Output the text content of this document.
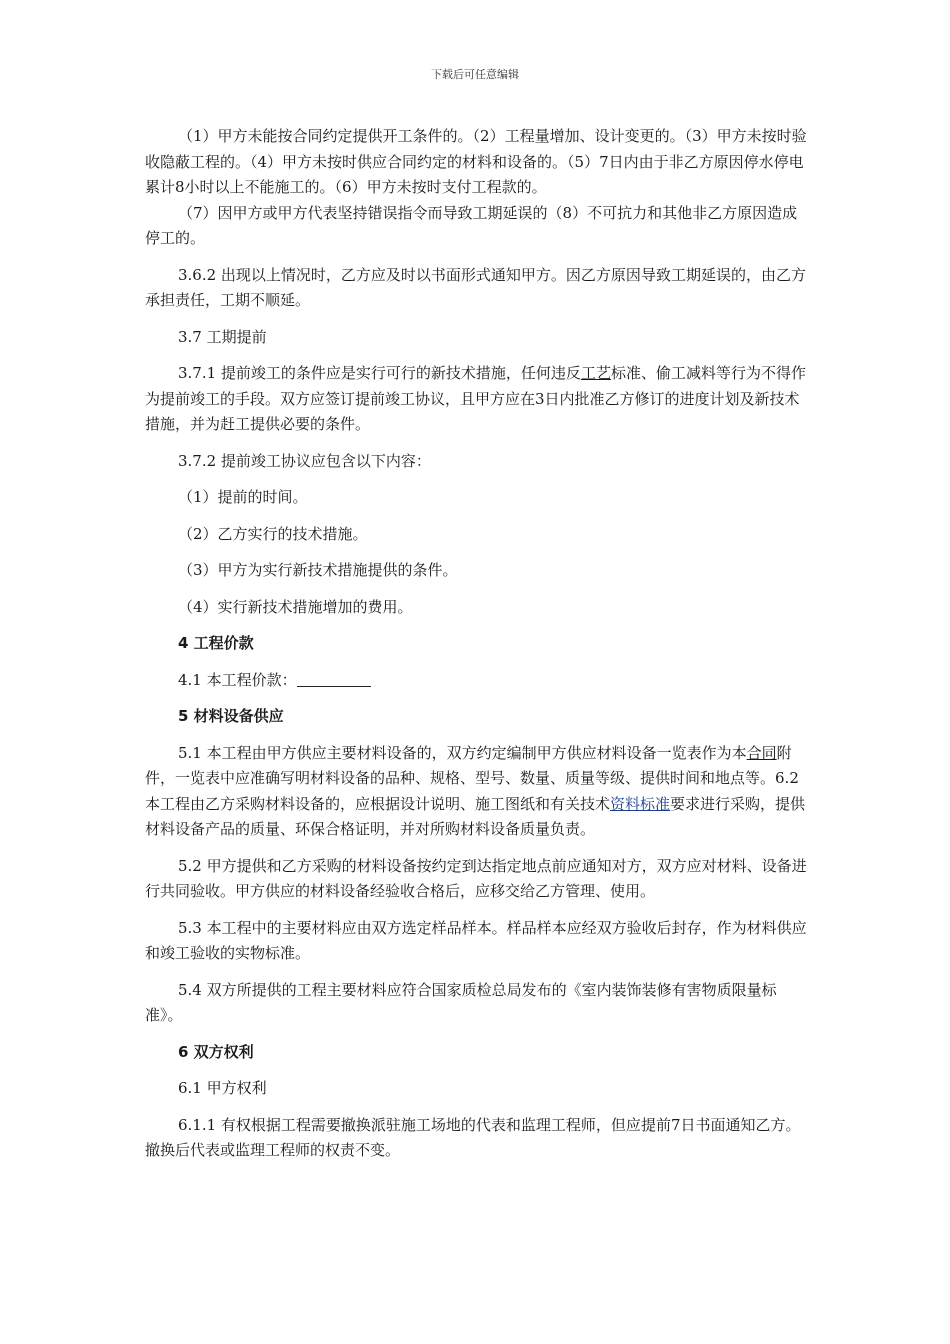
下载后可任意编辑

（1）甲方未能按合同约定提供开工条件的。（2）工程量增加、设计变更的。（3）甲方未按时验收隐蔽工程的。（4）甲方未按时供应合同约定的材料和设备的。（5）7日内由于非乙方原因停水停电累计8小时以上不能施工的。（6）甲方未按时支付工程款的。

（7）因甲方或甲方代表坚持错误指令而导致工期延误的（8）不可抗力和其他非乙方原因造成停工的。

3.6.2 出现以上情况时，乙方应及时以书面形式通知甲方。因乙方原因导致工期延误的，由乙方承担责任，工期不顺延。

3.7 工期提前

3.7.1 提前竣工的条件应是实行可行的新技术措施，任何违反工艺标准、偷工减料等行为不得作为提前竣工的手段。双方应签订提前竣工协议，且甲方应在3日内批准乙方修订的进度计划及新技术措施，并为赶工提供必要的条件。

3.7.2 提前竣工协议应包含以下内容：

（1）提前的时间。

（2）乙方实行的技术措施。

（3）甲方为实行新技术措施提供的条件。

（4）实行新技术措施增加的费用。

4 工程价款

4.1 本工程价款：

5 材料设备供应

5.1 本工程由甲方供应主要材料设备的，双方约定编制甲方供应材料设备一览表作为本合同附件，一览表中应准确写明材料设备的品种、规格、型号、数量、质量等级、提供时间和地点等。6.2 本工程由乙方采购材料设备的，应根据设计说明、施工图纸和有关技术资料标准要求进行采购，提供材料设备产品的质量、环保合格证明，并对所购材料设备质量负责。

5.2 甲方提供和乙方采购的材料设备按约定到达指定地点前应通知对方，双方应对材料、设备进行共同验收。甲方供应的材料设备经验收合格后，应移交给乙方管理、使用。

5.3 本工程中的主要材料应由双方选定样品样本。样品样本应经双方验收后封存，作为材料供应和竣工验收的实物标准。

5.4 双方所提供的工程主要材料应符合国家质检总局发布的《室内装饰装修有害物质限量标准》。

6 双方权利

6.1 甲方权利

6.1.1 有权根据工程需要撤换派驻施工场地的代表和监理工程师，但应提前7日书面通知乙方。撤换后代表或监理工程师的权责不变。
